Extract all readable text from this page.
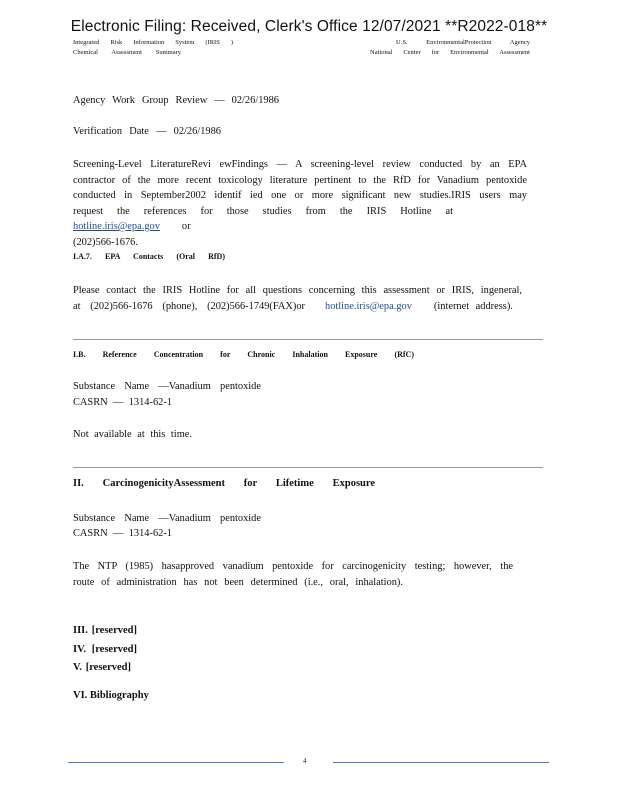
Electronic Filing: Received, Clerk's Office 12/07/2021 **R2022-018**
Integrated Risk Information System (IRIS )
Chemical Assessment Summary
U.S. EnvironmentalProtection Agency
National Center for Environmental Assessment
Agency Work Group Review — 02/26/1986
Verification Date — 02/26/1986
Screening-Level LiteratureRevi ewFindings — A screening-level review conducted by an EPA
contractor of the more recent toxicology literature pertinent to the RfD for Vanadium pentoxide
conducted in September2002 identif ied one or more significant new studies.IRIS users may
request the references for those studies from the IRIS Hotline athotline.iris@epa.gov or
(202)566-1676.
I.A.7. EPA Contacts (Oral RfD)
Please contact the IRIS Hotline for all questions concerning this assessment or IRIS, ingeneral,
at (202)566-1676 (phone), (202)566-1749(FAX)or hotline.iris@epa.gov (internet address).
I.B. Reference Concentration for Chronic Inhalation Exposure (RfC)
Substance Name —Vanadium pentoxide
CASRN — 1314-62-1
Not available at this time.
II. CarcinogenicityAssessment for Lifetime Exposure
Substance Name —Vanadium pentoxide
CASRN — 1314-62-1
The NTP (1985) hasapproved vanadium pentoxide for carcinogenicity testing; however, the
route of administration has not been determined (i.e., oral, inhalation).
III. [reserved]
IV. [reserved]
V. [reserved]
VI. Bibliography
4
